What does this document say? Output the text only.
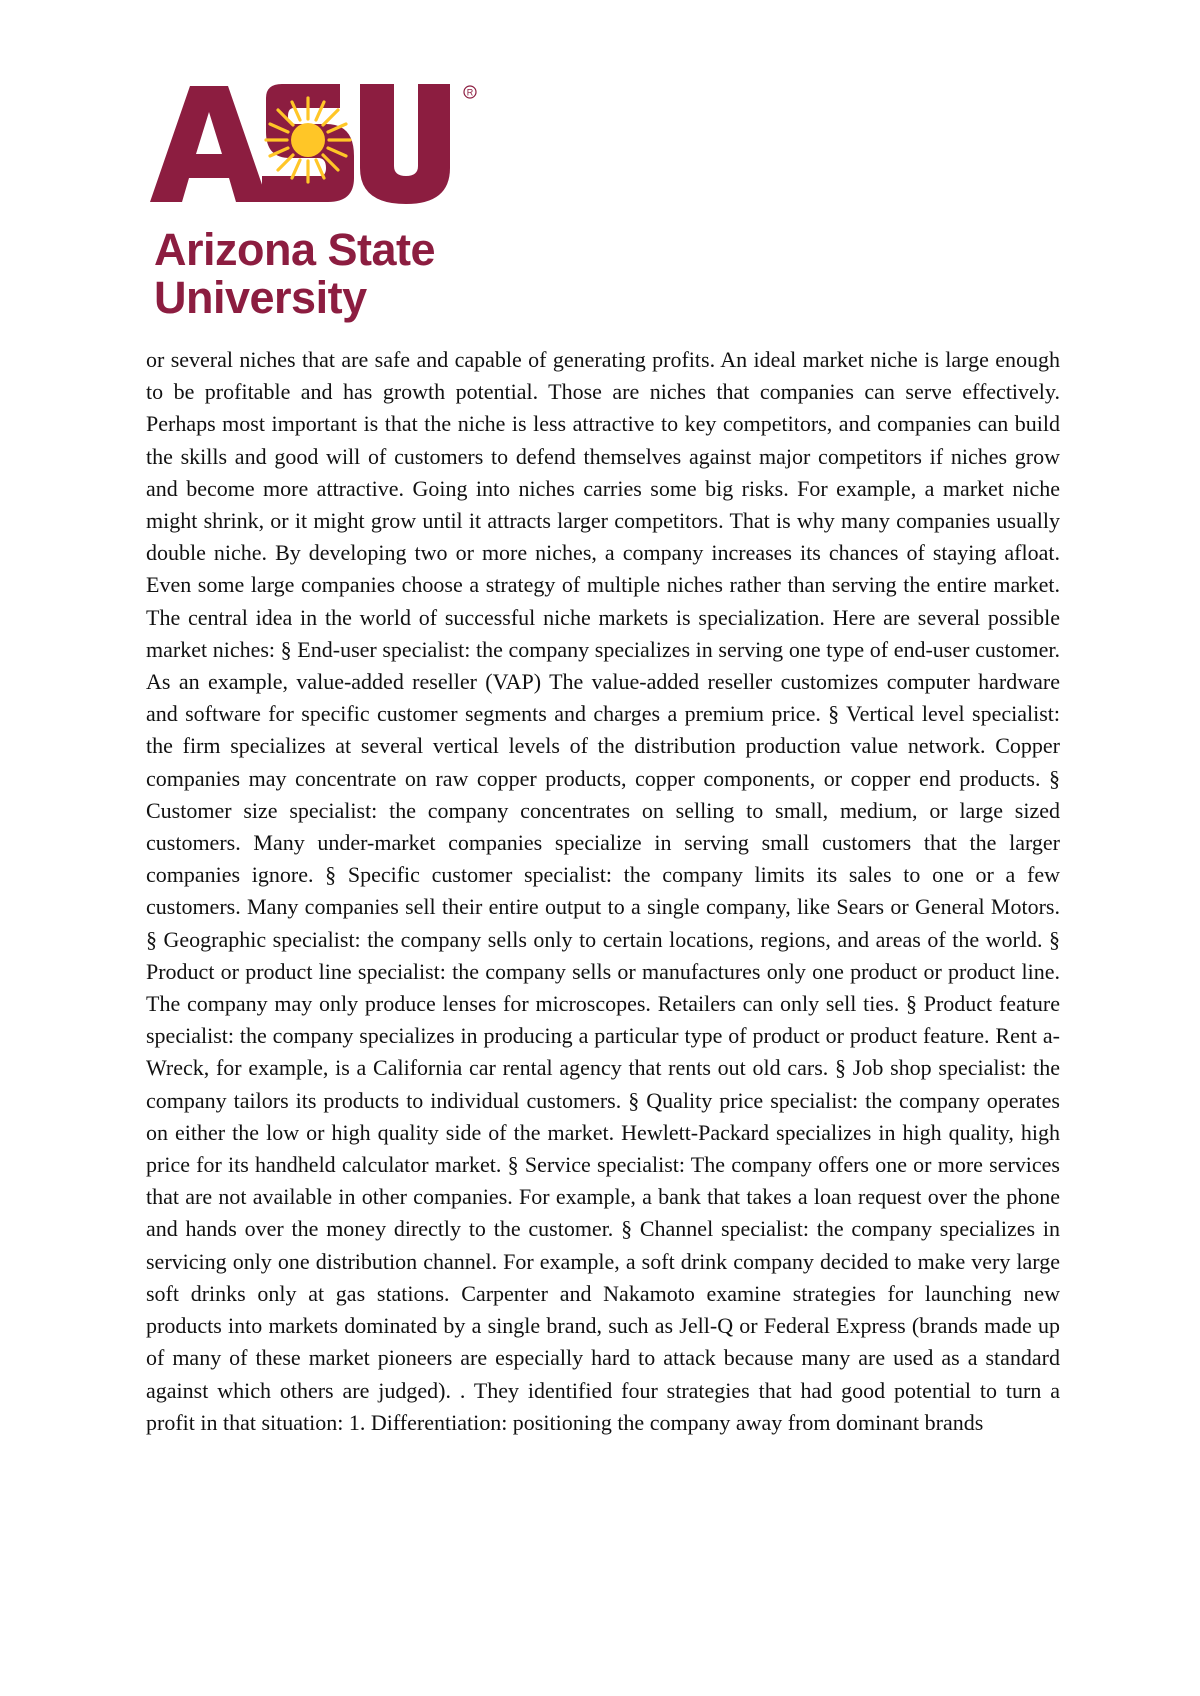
R

Arizona State
University

or several niches that are safe and capable of generating profits. An ideal market niche is large enough to be profitable and has growth potential. Those are niches that companies can serve effectively. Perhaps most important is that the niche is less attractive to key competitors, and companies can build the skills and good will of customers to defend themselves against major competitors if niches grow and become more attractive. Going into niches carries some big risks. For example, a market niche might shrink, or it might grow until it attracts larger competitors. That is why many companies usually double niche. By developing two or more niches, a company increases its chances of staying afloat. Even some large companies choose a strategy of multiple niches rather than serving the entire market. The central idea in the world of successful niche markets is specialization. Here are several possible market niches: § End-user specialist: the company specializes in serving one type of end-user customer. As an example, value-added reseller (VAP) The value-added reseller customizes computer hardware and software for specific customer segments and charges a premium price. § Vertical level specialist: the firm specializes at several vertical levels of the distribution production value network. Copper companies may concentrate on raw copper products, copper components, or copper end products. § Customer size specialist: the company concentrates on selling to small, medium, or large sized customers. Many under-market companies specialize in serving small customers that the larger companies ignore. § Specific customer specialist: the company limits its sales to one or a few customers. Many companies sell their entire output to a single company, like Sears or General Motors. § Geographic specialist: the company sells only to certain locations, regions, and areas of the world. § Product or product line specialist: the company sells or manufactures only one product or product line. The company may only produce lenses for microscopes. Retailers can only sell ties. § Product feature specialist: the company specializes in producing a particular type of product or product feature. Rent a-Wreck, for example, is a California car rental agency that rents out old cars. § Job shop specialist: the company tailors its products to individual customers. § Quality price specialist: the company operates on either the low or high quality side of the market. Hewlett-Packard specializes in high quality, high price for its handheld calculator market. § Service specialist: The company offers one or more services that are not available in other companies. For example, a bank that takes a loan request over the phone and hands over the money directly to the customer. § Channel specialist: the company specializes in servicing only one distribution channel. For example, a soft drink company decided to make very large soft drinks only at gas stations. Carpenter and Nakamoto examine strategies for launching new products into markets dominated by a single brand, such as Jell-Q or Federal Express (brands made up of many of these market pioneers are especially hard to attack because many are used as a standard against which others are judged). . They identified four strategies that had good potential to turn a profit in that situation: 1. Differentiation: positioning the company away from dominant brands
